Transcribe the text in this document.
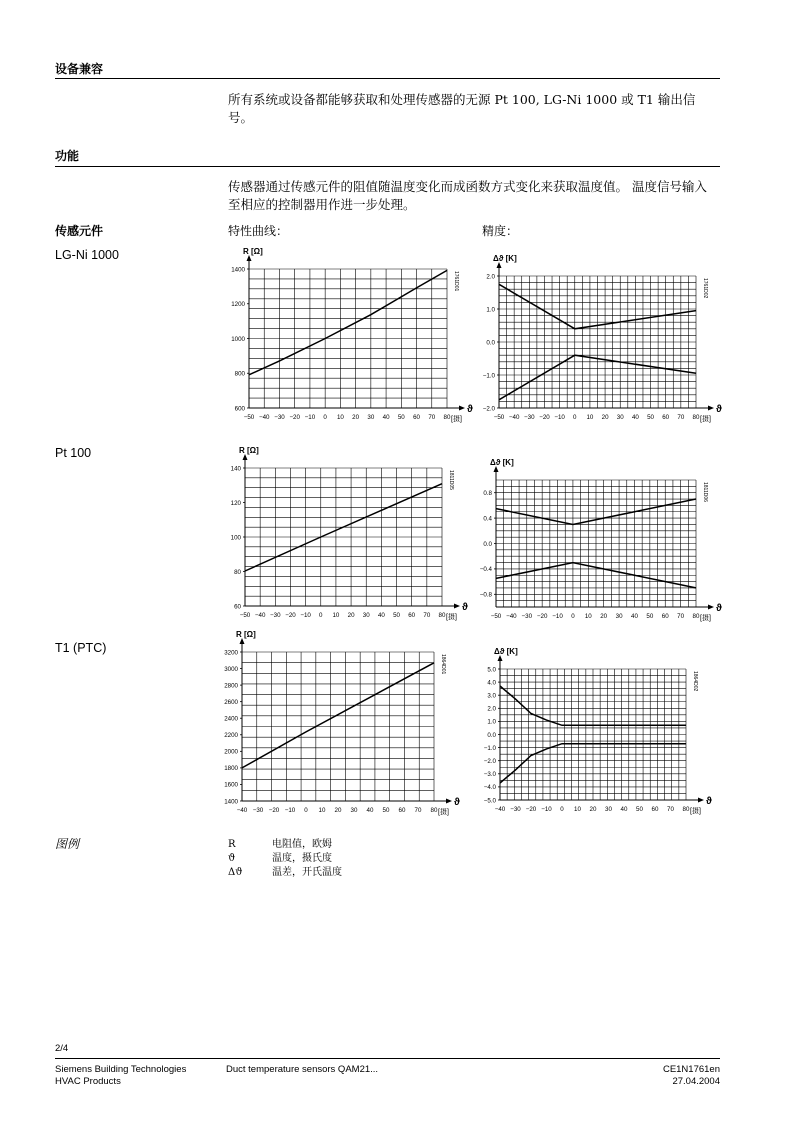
设备兼容
所有系统或设备都能够获取和处理传感器的无源 Pt 100, LG-Ni 1000 或 T1 输出信号。
功能
传感器通过传感元件的阻值随温度变化而成函数方式变化来获取温度值。 温度信号输入至相应的控制器用作进一步处理。
传感元件	特性曲线：	精度：
LG-Ni 1000
Pt 100
T1 (PTC)
R [Ω]
ϑ
[摄]
1761D01
−50 −40 −30 −20 −10 0 10 20 30 40 50 60 70 80
600
800
1000
1200
1400
Δϑ [K]
ϑ
[摄]
1761D02
−50 −40 −30 −20 −10 0 10 20 30 40 50 60 70 80
−2.0
−1.0
0.0
1.0
2.0
R [Ω]
ϑ
[摄]
1811D05
−50 −40 −30 −20 −10 0 10 20 30 40 50 60 70 80
60
80
100
120
140
Δϑ [K]
ϑ
[摄]
1811D06
−50 −40 −30 −20 −10 0 10 20 30 40 50 60 70 80
−0.8
−0.4
0.0
0.4
0.8
R [Ω]
ϑ
[摄]
1864D01
−40 −30 −20 −10 0 10 20 30 40 50 60 70 80
1400
1600
1800
2000
2200
2400
2600
2800
3000
3200	Δϑ [K]
ϑ
[摄]
1864D02
−40 −30 −20 −10 0 10 20 30 40 50 60 70 80
−5.0
−4.0
−3.0
−2.0
−1.0
0.0
1.0
2.0
3.0
4.0
5.0
图例	R	电阻值，欧姆
ϑ	温度，摄氏度
Δϑ	温差，开氏温度
2/4
Siemens Building Technologies
HVAC Products
Duct temperature sensors QAM21...	CE1N1761en
27.04.2004
